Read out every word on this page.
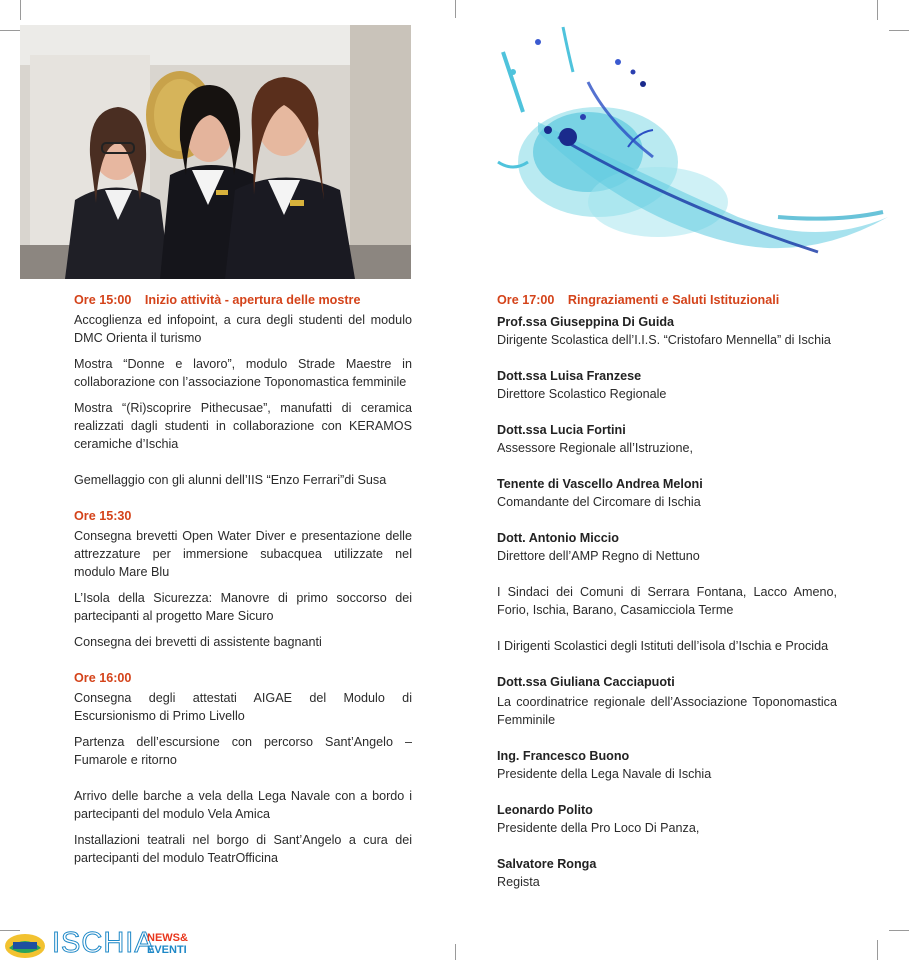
Ore 15:00 Inizio attività - apertura delle mostre
Accoglienza ed infopoint, a cura degli studenti del modulo DMC Orienta il turismo
Mostra “Donne e lavoro”, modulo Strade Maestre in collaborazione con l’associazione Toponomastica femminile
Mostra “(Ri)scoprire Pithecusae”, manufatti di ceramica realizzati dagli studenti in collaborazione con KERAMOS ceramiche d’Ischia
Gemellaggio con gli alunni dell’IIS “Enzo Ferrari”di Susa
Ore 15:30
Consegna brevetti Open Water Diver e presentazione delle attrezzature per immersione subacquea utilizzate nel modulo Mare Blu
L’Isola della Sicurezza: Manovre di primo soccorso dei partecipanti al progetto Mare Sicuro
Consegna dei brevetti di assistente bagnanti
Ore 16:00
Consegna degli attestati AIGAE del Modulo di Escursionismo di Primo Livello
Partenza dell’escursione con percorso Sant’Angelo – Fumarole e ritorno
Arrivo delle barche a vela della Lega Navale con a bordo i partecipanti del modulo Vela Amica
Installazioni teatrali nel borgo di Sant’Angelo a cura dei partecipanti del modulo TeatrOfficina
Ore 17:00 Ringraziamenti e Saluti Istituzionali
Prof.ssa Giuseppina Di Guida
Dirigente Scolastica dell’I.I.S. “Cristofaro Mennella” di Ischia
Dott.ssa Luisa Franzese
Direttore Scolastico Regionale
Dott.ssa Lucia Fortini
Assessore Regionale all’Istruzione,
Tenente di Vascello Andrea Meloni
Comandante del Circomare di Ischia
Dott. Antonio Miccio
Direttore dell’AMP Regno di Nettuno
I Sindaci dei Comuni di Serrara Fontana, Lacco Ameno, Forio, Ischia, Barano, Casamicciola Terme
I Dirigenti Scolastici degli Istituti dell’isola d’Ischia e Procida
Dott.ssa Giuliana Cacciapuoti
La coordinatrice regionale dell’Associazione Toponomastica Femminile
Ing. Francesco Buono
Presidente della Lega Navale di Ischia
Leonardo Polito
Presidente della Pro Loco Di Panza,
Salvatore Ronga
Regista
ISCHIA
NEWS&
EVENTI
